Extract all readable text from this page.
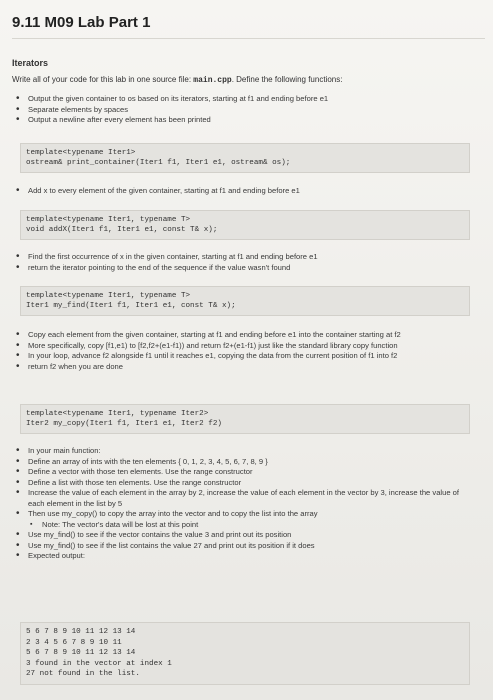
9.11 M09 Lab Part 1
Iterators
Write all of your code for this lab in one source file: main.cpp. Define the following functions:
• Output the given container to os based on its iterators, starting at f1 and ending before e1
• Separate elements by spaces
• Output a newline after every element has been printed
template<typename Iter1>
ostream& print_container(Iter1 f1, Iter1 e1, ostream& os);
• Add x to every element of the given container, starting at f1 and ending before e1
template<typename Iter1, typename T>
void addX(Iter1 f1, Iter1 e1, const T& x);
• Find the first occurrence of x in the given container, starting at f1 and ending before e1
• return the iterator pointing to the end of the sequence if the value wasn't found
template<typename Iter1, typename T>
Iter1 my_find(Iter1 f1, Iter1 e1, const T& x);
• Copy each element from the given container, starting at f1 and ending before e1 into the container starting at f2
• More specifically, copy [f1,e1) to [f2,f2+(e1-f1)) and return f2+(e1-f1) just like the standard library copy function
• In your loop, advance f2 alongside f1 until it reaches e1, copying the data from the current position of f1 into f2
• return f2 when you are done
template<typename Iter1, typename Iter2>
Iter2 my_copy(Iter1 f1, Iter1 e1, Iter2 f2)
• In your main function:
• Define an array of ints with the ten elements { 0, 1, 2, 3, 4, 5, 6, 7, 8, 9 }
• Define a vector with those ten elements. Use the range constructor
• Define a list with those ten elements. Use the range constructor
• Increase the value of each element in the array by 2, increase the value of each element in the vector by 3, increase the value of each element in the list by 5
• Then use my_copy() to copy the array into the vector and to copy the list into the array
▪ Note: The vector's data will be lost at this point
• Use my_find() to see if the vector contains the value 3 and print out its position
• Use my_find() to see if the list contains the value 27 and print out its position if it does
• Expected output:
5 6 7 8 9 10 11 12 13 14
2 3 4 5 6 7 8 9 10 11
5 6 7 8 9 10 11 12 13 14
3 found in the vector at index 1
27 not found in the list.
